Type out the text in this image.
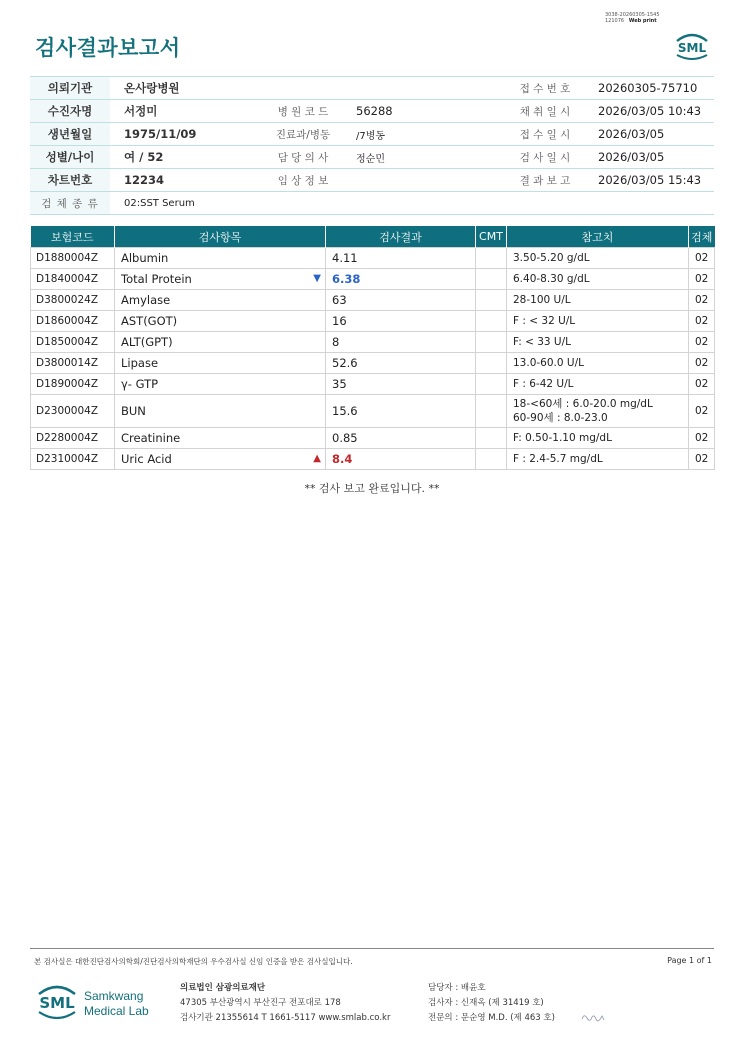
검사결과보고서
3038-20260305-1545
121076 Web print
SML
의뢰기관	온사랑병원				접 수 번 호	20260305-75710
수진자명	서정미	병 원 코 드	56288		채 취 일 시	2026/03/05 10:43
생년월일	1975/11/09	진료과/병동	/7병동		접 수 일 시	2026/03/05
성별/나이	여 / 52	담 당 의 사	정순민		검 사 일 시	2026/03/05
차트번호	12234	임 상 정 보			결 과 보 고	2026/03/05 15:43
검 체 종 류	02:SST Serum					
보험코드	검사항목	검사결과	CMT	참고치	검체
D1880004Z	Albumin	4.11		3.50-5.20 g/dL	02
D1840004Z	Total Protein ▼	6.38		6.40-8.30 g/dL	02
D3800024Z	Amylase	63		28-100 U/L	02
D1860004Z	AST(GOT)	16		F : < 32 U/L	02
D1850004Z	ALT(GPT)	8		F: < 33 U/L	02
D3800014Z	Lipase	52.6		13.0-60.0 U/L	02
D1890004Z	γ- GTP	35		F : 6-42 U/L	02
D2300004Z	BUN	15.6		18-<60세 : 6.0-20.0 mg/dL
60-90세 : 8.0-23.0	02
D2280004Z	Creatinine	0.85		F: 0.50-1.10 mg/dL	02
D2310004Z	Uric Acid ▲	8.4		F : 2.4-5.7 mg/dL	02
** 검사 보고 완료입니다. **
본 검사실은 대한진단검사의학회/진단검사의학재단의 우수검사실 신임 인증을 받은 검사실입니다.	Page 1 of 1
SML Samkwang
Medical Lab
의료법인 삼광의료재단
47305 부산광역시 부산진구 전포대로 178
검사기관 21355614 T 1661-5117 www.smlab.co.kr
담당자 : 배윤호
검사자 : 신재옥 (제 31419 호)
전문의 : 문순영 M.D. (제 463 호)
